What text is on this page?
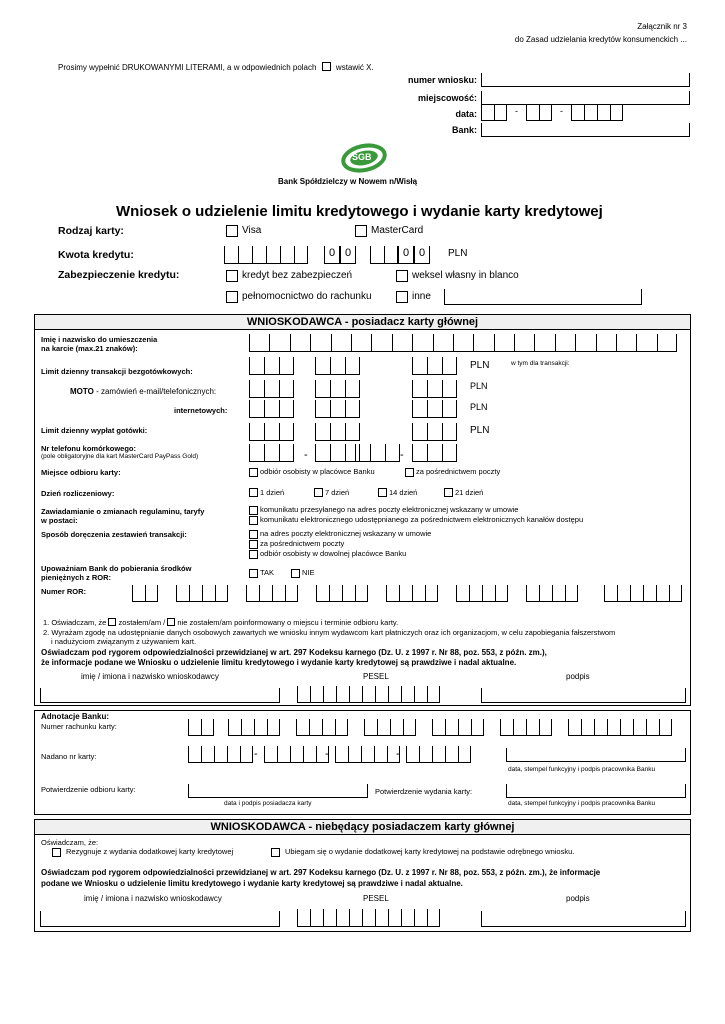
Załącznik nr 3
do Zasad udzielania kredytów konsumenckich ...
Prosimy wypełnić DRUKOWANYMI LITERAMI, a w odpowiednich polach wstawić X.
numer wniosku:
miejscowość:
data:	-	-
Bank:
SGB
Bank Spółdzielczy w Nowem n/Wisłą
Wniosek o udzielenie limitu kredytowego i wydanie karty kredytowej
Rodzaj karty:	Visa	MasterCard
Kwota kredytu:	0 0	0 0	PLN
Zabezpieczenie kredytu:	kredyt bez zabezpieczeń	weksel własny in blanco
pełnomocnictwo do rachunku	inne
WNIOSKODAWCA - posiadacz karty głównej
Imię i nazwisko do umieszczenia
na karcie (max.21 znaków):
Limit dzienny transakcji bezgotówkowych:
PLN	w tym dla transakcji:
MOTO - zamówień e-mail/telefonicznych:
PLN
internetowych:	PLN
Limit dzienny wypłat gotówki:	PLN
Nr telefonu komórkowego:
(pole obligatoryjne dla kart MasterCard PayPass Gold)	-	-
Miejsce odbioru karty:	odbiór osobisty w placówce Banku	za pośrednictwem poczty
Dzień rozliczeniowy:	1 dzień	7 dzień	14 dzień	21 dzień
Zawiadamianie o zmianach regulaminu, taryfy
w postaci:
komunikatu przesyłanego na adres poczty elektronicznej wskazany w umowie
komunikatu elektronicznego udostępnianego za pośrednictwem elektronicznych kanałów dostępu
Sposób doręczenia zestawień transakcji:	na adres poczty elektronicznej wskazany w umowie
za pośrednictwem poczty
odbiór osobisty w dowolnej placówce Banku
Upoważniam Bank do pobierania środków
pieniężnych z ROR:
TAK	NIE
Numer ROR:
1. Oświadczam, że zostałem/am / nie zostałem/am poinformowany o miejscu i terminie odbioru karty.
2. Wyrażam zgodę na udostępnianie danych osobowych zawartych we wniosku innym wydawcom kart płatniczych oraz ich organizacjom, w celu zapobiegania fałszerstwom
i nadużyciom związanym z używaniem kart.
Oświadczam pod rygorem odpowiedzialności przewidzianej w art. 297 Kodeksu karnego (Dz. U. z 1997 r. Nr 88, poz. 553, z późn. zm.),
że informacje podane we Wniosku o udzielenie limitu kredytowego i wydanie karty kredytowej są prawdziwe i nadal aktualne.
imię / imiona i nazwisko wnioskodawcy	PESEL	podpis
Adnotacje Banku:
Numer rachunku karty:
Nadano nr karty:	-	-	-
data, stempel funkcyjny i podpis pracownika Banku
Potwierdzenie odbioru karty:
data i podpis posiadacza karty
Potwierdzenie wydania karty:
data, stempel funkcyjny i podpis pracownika Banku
WNIOSKODAWCA - niebędący posiadaczem karty głównej
Oświadczam, że:
Rezygnuje z wydania dodatkowej karty kredytowej	Ubiegam się o wydanie dodatkowej karty kredytowej na podstawie odrębnego wniosku.
Oświadczam pod rygorem odpowiedzialności przewidzianej w art. 297 Kodeksu karnego (Dz. U. z 1997 r. Nr 88, poz. 553, z późn. zm.), że informacje
podane we Wniosku o udzielenie limitu kredytowego i wydanie karty kredytowej są prawdziwe i nadal aktualne.
imię / imiona i nazwisko wnioskodawcy	PESEL	podpis
